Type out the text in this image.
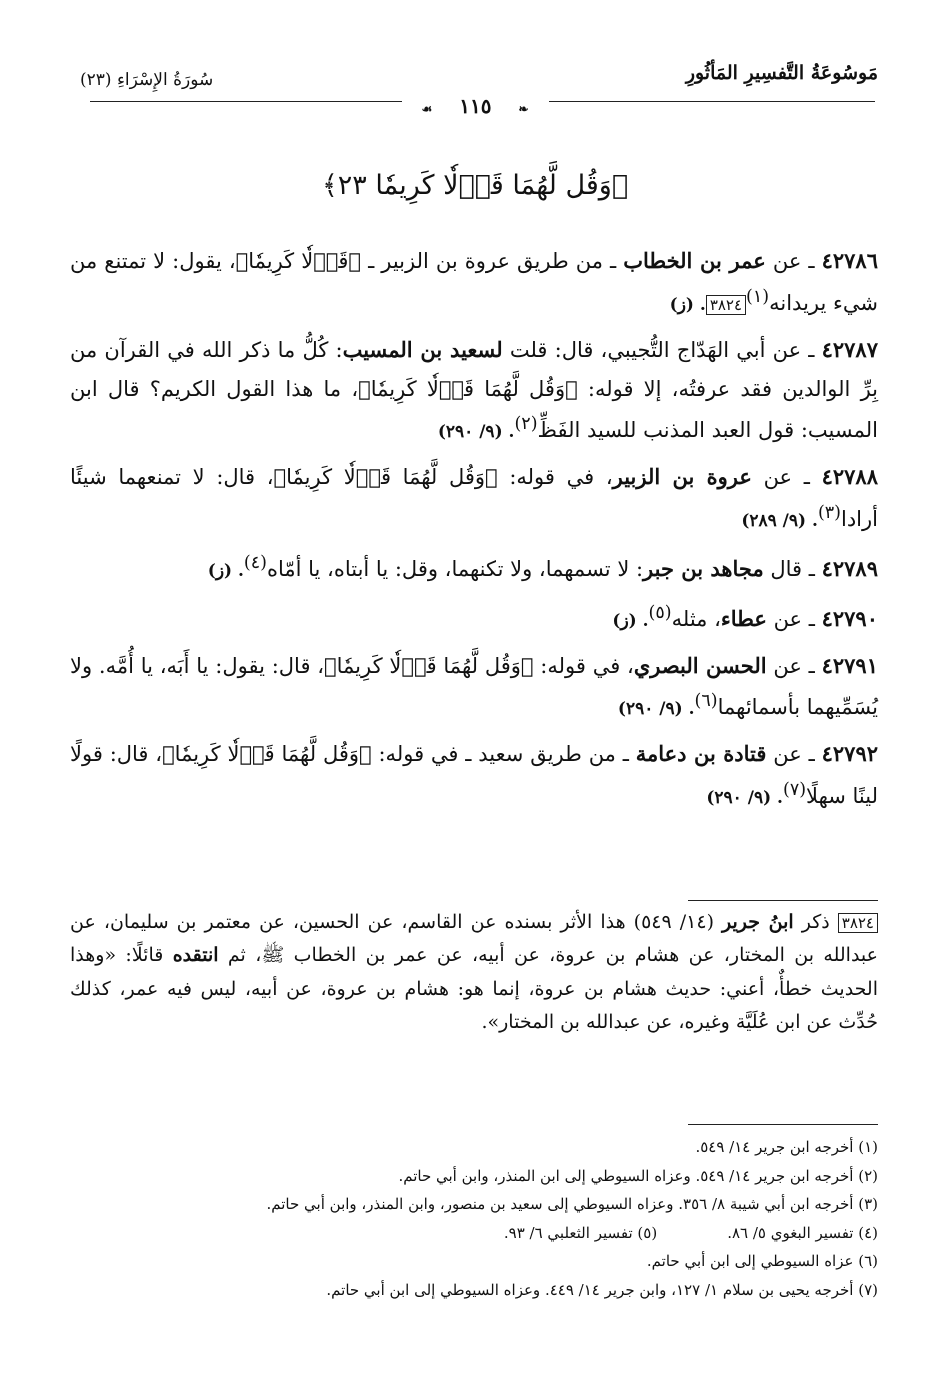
مَوسُوعَةُ التَّفسِيرِ المَأثُورِ
سُورَةُ الإِسْرَاءِ (٢٣)
❧ ١١٥ ☙
﴿وَقُل لَّهُمَا قَوۡلٗا كَرِيمٗا ٢٣﴾

٤٢٧٨٦ ـ عن عمر بن الخطاب ـ من طريق عروة بن الزبير ـ ﴿قَوۡلٗا كَرِيمٗا﴾، يقول: لا تمتنع من شيء يريدانه$^{(١)}$٣٨٢٤. (ز)

٤٢٧٨٧ ـ عن أبي الهَدّاج التُّجيبي، قال: قلت لسعيد بن المسيب: كُلُّ ما ذكر الله في القرآن من بِرِّ الوالدين فقد عرفتُه، إلا قوله: ﴿وَقُل لَّهُمَا قَوۡلٗا كَرِيمٗا﴾، ما هذا القول الكريم؟ قال ابن المسيب: قول العبد المذنب للسيد الفَظِّ$^{(٢)}$. (٩/ ٢٩٠)

٤٢٧٨٨ ـ عن عروة بن الزبير، في قوله: ﴿وَقُل لَّهُمَا قَوۡلٗا كَرِيمٗا﴾، قال: لا تمنعهما شيئًا أرادا$^{(٣)}$. (٩/ ٢٨٩)

٤٢٧٨٩ ـ قال مجاهد بن جبر: لا تسمهما، ولا تكنهما، وقل: يا أبتاه، يا أمّاه$^{(٤)}$. (ز)

٤٢٧٩٠ ـ عن عطاء، مثله$^{(٥)}$. (ز)

٤٢٧٩١ ـ عن الحسن البصري، في قوله: ﴿وَقُل لَّهُمَا قَوۡلٗا كَرِيمٗا﴾، قال: يقول: يا أَبَه، يا أُمَّه. ولا يُسَمِّيهما بأسمائهما$^{(٦)}$. (٩/ ٢٩٠)

٤٢٧٩٢ ـ عن قتادة بن دعامة ـ من طريق سعيد ـ في قوله: ﴿وَقُل لَّهُمَا قَوۡلٗا كَرِيمٗا﴾، قال: قولًا لينًا سهلًا$^{(٧)}$. (٩/ ٢٩٠)

٣٨٢٤ ذكر ابنُ جرير (١٤/ ٥٤٩) هذا الأثر بسنده عن القاسم، عن الحسين، عن معتمر بن سليمان، عن عبدالله بن المختار، عن هشام بن عروة، عن أبيه، عن عمر بن الخطاب ﷺ، ثم انتقده قائلًا: «وهذا الحديث خطأٌ، أعني: حديث هشام بن عروة، إنما هو: هشام بن عروة، عن أبيه، ليس فيه عمر، كذلك حُدِّث عن ابن عُلَيَّة وغيره، عن عبدالله بن المختار».
(١) أخرجه ابن جرير ١٤/ ٥٤٩.
(٢) أخرجه ابن جرير ١٤/ ٥٤٩. وعزاه السيوطي إلى ابن المنذر، وابن أبي حاتم.
(٣) أخرجه ابن أبي شيبة ٨/ ٣٥٦. وعزاه السيوطي إلى سعيد بن منصور، وابن المنذر، وابن أبي حاتم.
(٤) تفسير البغوي ٥/ ٨٦.
(٥) تفسير الثعلبي ٦/ ٩٣.
(٦) عزاه السيوطي إلى ابن أبي حاتم.
(٧) أخرجه يحيى بن سلام ١/ ١٢٧، وابن جرير ١٤/ ٤٤٩. وعزاه السيوطي إلى ابن أبي حاتم.
